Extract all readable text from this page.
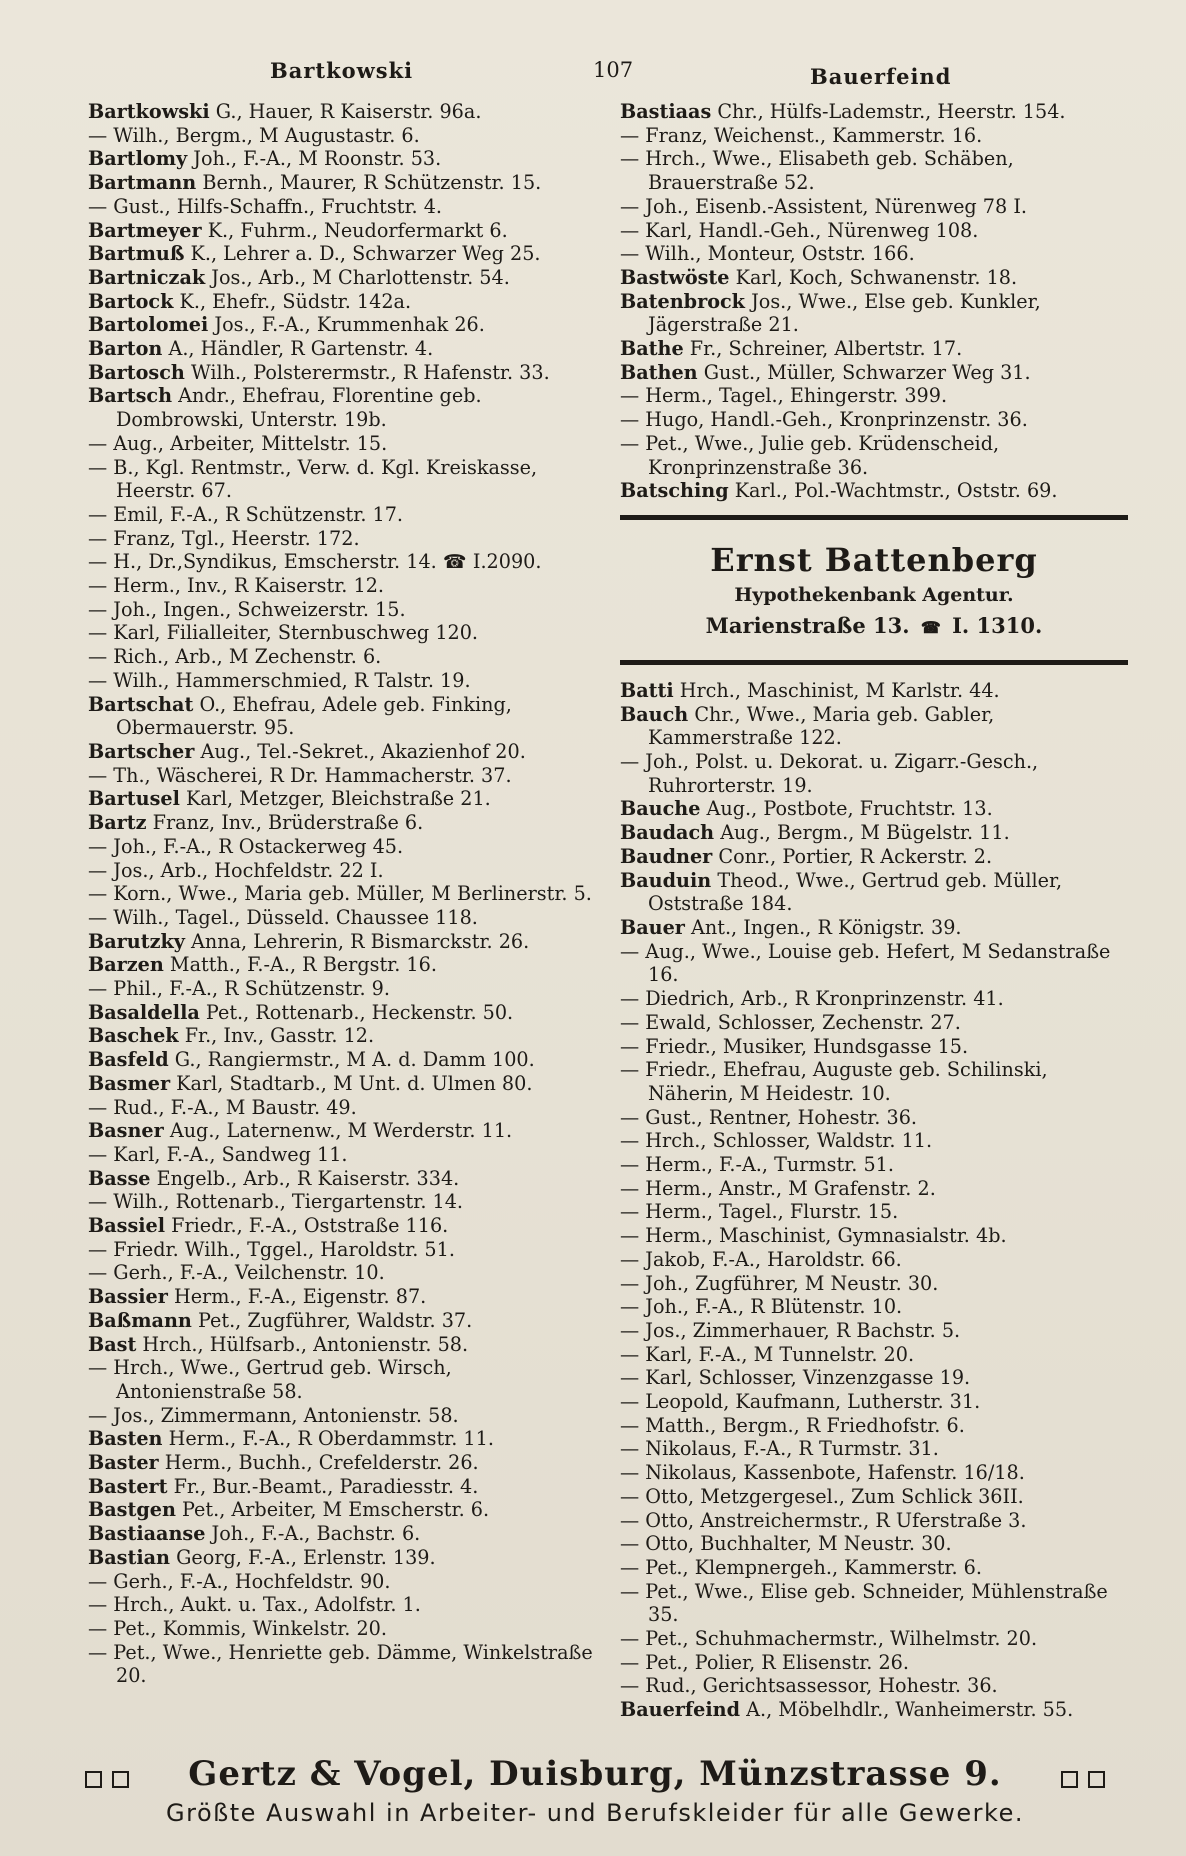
Bartkowski	107	Bauerfeind

Bartkowski G., Hauer, R Kaiserstr. 96a.

— Wilh., Bergm., M Augustastr. 6.

Bartlomy Joh., F.-A., M Roonstr. 53.

Bartmann Bernh., Maurer, R Schützenstr. 15.

— Gust., Hilfs-Schaffn., Fruchtstr. 4.

Bartmeyer K., Fuhrm., Neudorfermarkt 6.

Bartmuß K., Lehrer a. D., Schwarzer Weg 25.

Bartniczak Jos., Arb., M Charlottenstr. 54.

Bartock K., Ehefr., Südstr. 142a.

Bartolomei Jos., F.-A., Krummenhak 26.

Barton A., Händler, R Gartenstr. 4.

Bartosch Wilh., Polsterermstr., R Hafenstr. 33.

Bartsch Andr., Ehefrau, Florentine geb. Dombrowski, Unterstr. 19b.

— Aug., Arbeiter, Mittelstr. 15.

— B., Kgl. Rentmstr., Verw. d. Kgl. Kreiskasse, Heerstr. 67.

— Emil, F.-A., R Schützenstr. 17.

— Franz, Tgl., Heerstr. 172.

— H., Dr.,Syndikus, Emscherstr. 14. ☎ I.2090.

— Herm., Inv., R Kaiserstr. 12.

— Joh., Ingen., Schweizerstr. 15.

— Karl, Filialleiter, Sternbuschweg 120.

— Rich., Arb., M Zechenstr. 6.

— Wilh., Hammerschmied, R Talstr. 19.

Bartschat O., Ehefrau, Adele geb. Finking, Obermauerstr. 95.

Bartscher Aug., Tel.-Sekret., Akazienhof 20.

— Th., Wäscherei, R Dr. Hammacherstr. 37.

Bartusel Karl, Metzger, Bleichstraße 21.

Bartz Franz, Inv., Brüderstraße 6.

— Joh., F.-A., R Ostackerweg 45.

— Jos., Arb., Hochfeldstr. 22 I.

— Korn., Wwe., Maria geb. Müller, M Berlinerstr. 5.

— Wilh., Tagel., Düsseld. Chaussee 118.

Barutzky Anna, Lehrerin, R Bismarckstr. 26.

Barzen Matth., F.-A., R Bergstr. 16.

— Phil., F.-A., R Schützenstr. 9.

Basaldella Pet., Rottenarb., Heckenstr. 50.

Baschek Fr., Inv., Gasstr. 12.

Basfeld G., Rangiermstr., M A. d. Damm 100.

Basmer Karl, Stadtarb., M Unt. d. Ulmen 80.

— Rud., F.-A., M Baustr. 49.

Basner Aug., Laternenw., M Werderstr. 11.

— Karl, F.-A., Sandweg 11.

Basse Engelb., Arb., R Kaiserstr. 334.

— Wilh., Rottenarb., Tiergartenstr. 14.

Bassiel Friedr., F.-A., Oststraße 116.

— Friedr. Wilh., Tggel., Haroldstr. 51.

— Gerh., F.-A., Veilchenstr. 10.

Bassier Herm., F.-A., Eigenstr. 87.

Baßmann Pet., Zugführer, Waldstr. 37.

Bast Hrch., Hülfsarb., Antonienstr. 58.

— Hrch., Wwe., Gertrud geb. Wirsch, Antonienstraße 58.

— Jos., Zimmermann, Antonienstr. 58.

Basten Herm., F.-A., R Oberdammstr. 11.

Baster Herm., Buchh., Crefelderstr. 26.

Bastert Fr., Bur.-Beamt., Paradiesstr. 4.

Bastgen Pet., Arbeiter, M Emscherstr. 6.

Bastiaanse Joh., F.-A., Bachstr. 6.

Bastian Georg, F.-A., Erlenstr. 139.

— Gerh., F.-A., Hochfeldstr. 90.

— Hrch., Aukt. u. Tax., Adolfstr. 1.

— Pet., Kommis, Winkelstr. 20.

— Pet., Wwe., Henriette geb. Dämme, Winkelstraße 20.

Bastiaas Chr., Hülfs-Lademstr., Heerstr. 154.

— Franz, Weichenst., Kammerstr. 16.

— Hrch., Wwe., Elisabeth geb. Schäben, Brauerstraße 52.

— Joh., Eisenb.-Assistent, Nürenweg 78 I.

— Karl, Handl.-Geh., Nürenweg 108.

— Wilh., Monteur, Oststr. 166.

Bastwöste Karl, Koch, Schwanenstr. 18.

Batenbrock Jos., Wwe., Else geb. Kunkler, Jägerstraße 21.

Bathe Fr., Schreiner, Albertstr. 17.

Bathen Gust., Müller, Schwarzer Weg 31.

— Herm., Tagel., Ehingerstr. 399.

— Hugo, Handl.-Geh., Kronprinzenstr. 36.

— Pet., Wwe., Julie geb. Krüdenscheid, Kronprinzenstraße 36.

Batsching Karl., Pol.-Wachtmstr., Oststr. 69.

Ernst Battenberg
Hypothekenbank Agentur.
Marienstraße 13. ☎ I. 1310.

Batti Hrch., Maschinist, M Karlstr. 44.

Bauch Chr., Wwe., Maria geb. Gabler, Kammerstraße 122.

— Joh., Polst. u. Dekorat. u. Zigarr.-Gesch., Ruhrorterstr. 19.

Bauche Aug., Postbote, Fruchtstr. 13.

Baudach Aug., Bergm., M Bügelstr. 11.

Baudner Conr., Portier, R Ackerstr. 2.

Bauduin Theod., Wwe., Gertrud geb. Müller, Oststraße 184.

Bauer Ant., Ingen., R Königstr. 39.

— Aug., Wwe., Louise geb. Hefert, M Sedanstraße 16.

— Diedrich, Arb., R Kronprinzenstr. 41.

— Ewald, Schlosser, Zechenstr. 27.

— Friedr., Musiker, Hundsgasse 15.

— Friedr., Ehefrau, Auguste geb. Schilinski, Näherin, M Heidestr. 10.

— Gust., Rentner, Hohestr. 36.

— Hrch., Schlosser, Waldstr. 11.

— Herm., F.-A., Turmstr. 51.

— Herm., Anstr., M Grafenstr. 2.

— Herm., Tagel., Flurstr. 15.

— Herm., Maschinist, Gymnasialstr. 4b.

— Jakob, F.-A., Haroldstr. 66.

— Joh., Zugführer, M Neustr. 30.

— Joh., F.-A., R Blütenstr. 10.

— Jos., Zimmerhauer, R Bachstr. 5.

— Karl, F.-A., M Tunnelstr. 20.

— Karl, Schlosser, Vinzenzgasse 19.

— Leopold, Kaufmann, Lutherstr. 31.

— Matth., Bergm., R Friedhofstr. 6.

— Nikolaus, F.-A., R Turmstr. 31.

— Nikolaus, Kassenbote, Hafenstr. 16/18.

— Otto, Metzgergesel., Zum Schlick 36II.

— Otto, Anstreichermstr., R Uferstraße 3.

— Otto, Buchhalter, M Neustr. 30.

— Pet., Klempnergeh., Kammerstr. 6.

— Pet., Wwe., Elise geb. Schneider, Mühlenstraße 35.

— Pet., Schuhmachermstr., Wilhelmstr. 20.

— Pet., Polier, R Elisenstr. 26.

— Rud., Gerichtsassessor, Hohestr. 36.

Bauerfeind A., Möbelhdlr., Wanheimerstr. 55.

Gertz & Vogel, Duisburg, Münzstrasse 9.
Größte Auswahl in Arbeiter- und Berufskleider für alle Gewerke.
